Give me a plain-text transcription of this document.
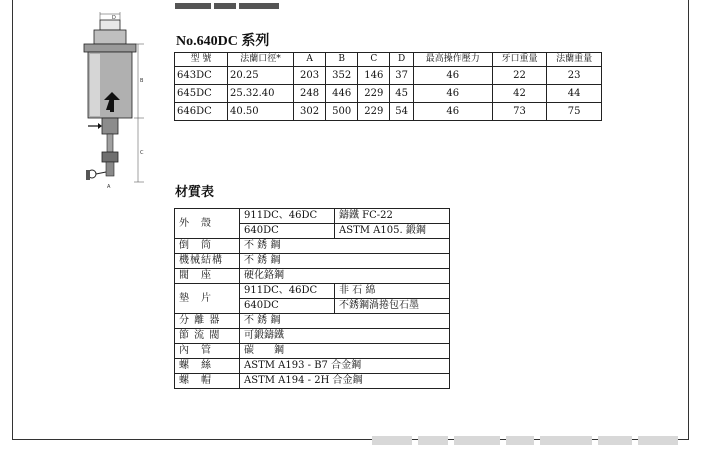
D
B
C
A
No.640DC 系列
型 號	法蘭口徑*	A	B	C	D	最高操作壓力	牙口重量	法蘭重量
643DC	20.25	203	352	146	37	46	22	23
645DC	25.32.40	248	446	229	45	46	42	44
646DC	40.50	302	500	229	54	46	73	75
材質表
外　殼	911DC、46DC	鑄鐵 FC-22
	640DC	ASTM A105. 鍛鋼
倒　筒	不 銹 鋼	
機械結構	不 銹 鋼	
閥　座	硬化鉻鋼	
墊　片	911DC、46DC	非 石 綿
	640DC	不銹鋼渦捲包石墨
分 離 器	不 銹 鋼	
節 流 閥	可鍛鑄鐵	
內　管	碳　　鋼	
螺　絲	ASTM A193 - B7 合金鋼	
螺　帽	ASTM A194 - 2H 合金鋼	
